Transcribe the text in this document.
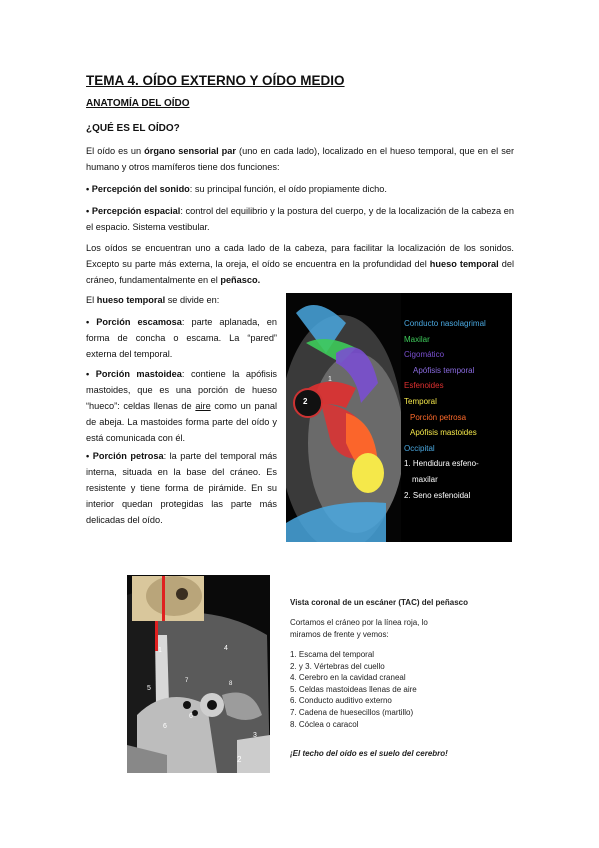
TEMA 4. OÍDO EXTERNO Y OÍDO MEDIO
ANATOMÍA DEL OÍDO
¿QUÉ ES EL OÍDO?
El oído es un órgano sensorial par (uno en cada lado), localizado en el hueso temporal, que en el ser humano y otros mamíferos tiene dos funciones:
• Percepción del sonido: su principal función, el oído propiamente dicho.
• Percepción espacial: control del equilibrio y la postura del cuerpo, y de la localización de la cabeza en el espacio. Sistema vestibular.
Los oídos se encuentran uno a cada lado de la cabeza, para facilitar la localización de los sonidos. Excepto su parte más externa, la oreja, el oído se encuentra en la profundidad del hueso temporal del cráneo, fundamentalmente en el peñasco.
El hueso temporal se divide en:
• Porción escamosa: parte aplanada, en forma de concha o escama. La “pared” externa del temporal.
• Porción mastoidea: contiene la apófisis mastoides, que es una porción de hueso “hueco”: celdas llenas de aire como un panal de abeja. La mastoides forma parte del oído y está comunicada con él.
• Porción petrosa: la parte del temporal más interna, situada en la base del cráneo. Es resistente y tiene forma de pirámide. En su interior quedan protegidas las parte más delicadas del oído.
1
2
Conducto nasolagrimal
Maxilar
Cigomático
Apófisis temporal
Esfenoides
Temporal
Porción petrosa
Apófisis mastoides
Occipital
1. Hendidura esfeno-
maxilar
2. Seno esfenoidal
1
2
3
4
5
6
6
7	8
Vista coronal de un escáner (TAC) del peñasco
Cortamos el cráneo por la línea roja, lo
miramos de frente y vemos:
1. Escama del temporal
2. y 3. Vértebras del cuello
4. Cerebro en la cavidad craneal
5. Celdas mastoideas llenas de aire
6. Conducto auditivo externo
7. Cadena de huesecillos (martillo)
8. Cóclea o caracol
¡El techo del oído es el suelo del cerebro!
